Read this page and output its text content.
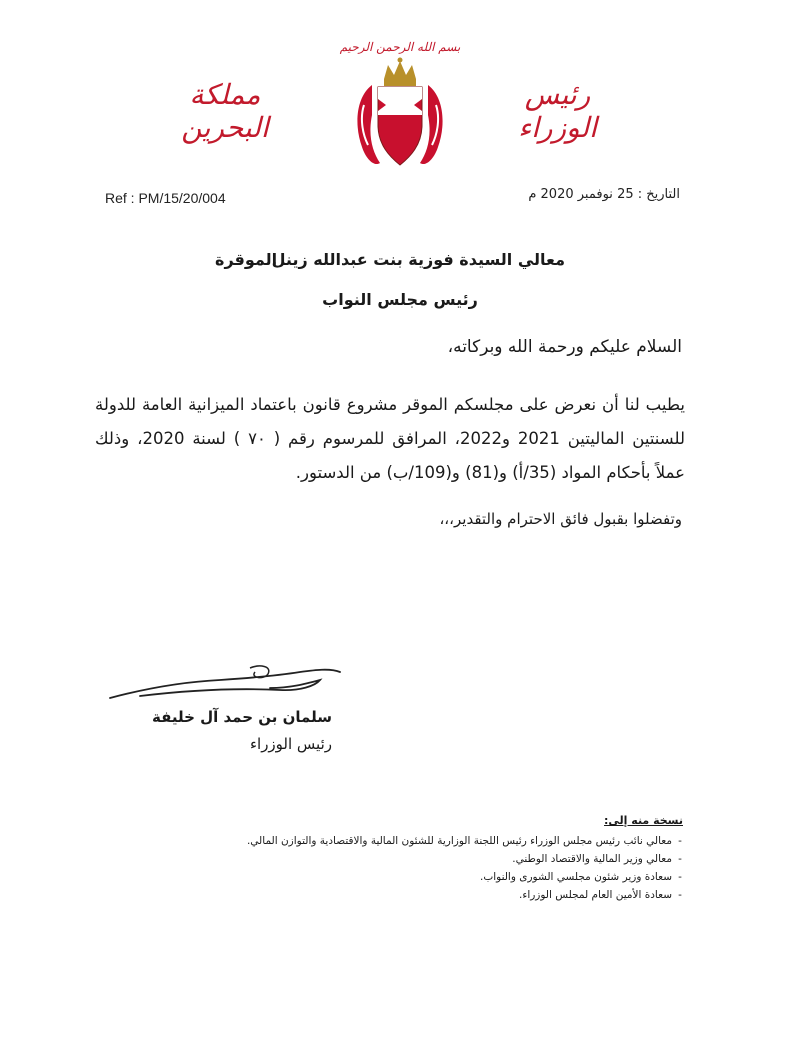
بسم الله الرحمن الرحيم
مملكة البحرين
رئيس الوزراء
Ref : PM/15/20/004	التاريخ : 25 نوفمبر 2020 م
معالي السيدة فوزية بنت عبدالله زينل
الموقرة
رئيس مجلس النواب
السلام عليكم ورحمة الله وبركاته،
يطيب لنا أن نعرض على مجلسكم الموقر مشروع قانون باعتماد الميزانية العامة للدولة للسنتين الماليتين 2021 و2022، المرافق للمرسوم رقم ( ٧٠ ) لسنة 2020، وذلك عملاً بأحكام المواد (35/أ) و(81) و(109/ب) من الدستور.
وتفضلوا بقبول فائق الاحترام والتقدير،،،
سلمان بن حمد آل خليفة
رئيس الوزراء
نسخة منه إلى:
-معالي نائب رئيس مجلس الوزراء رئيس اللجنة الوزارية للشئون المالية والاقتصادية والتوازن المالي.
-معالي وزير المالية والاقتصاد الوطني.
-سعادة وزير شئون مجلسي الشورى والنواب.
-سعادة الأمين العام لمجلس الوزراء.
